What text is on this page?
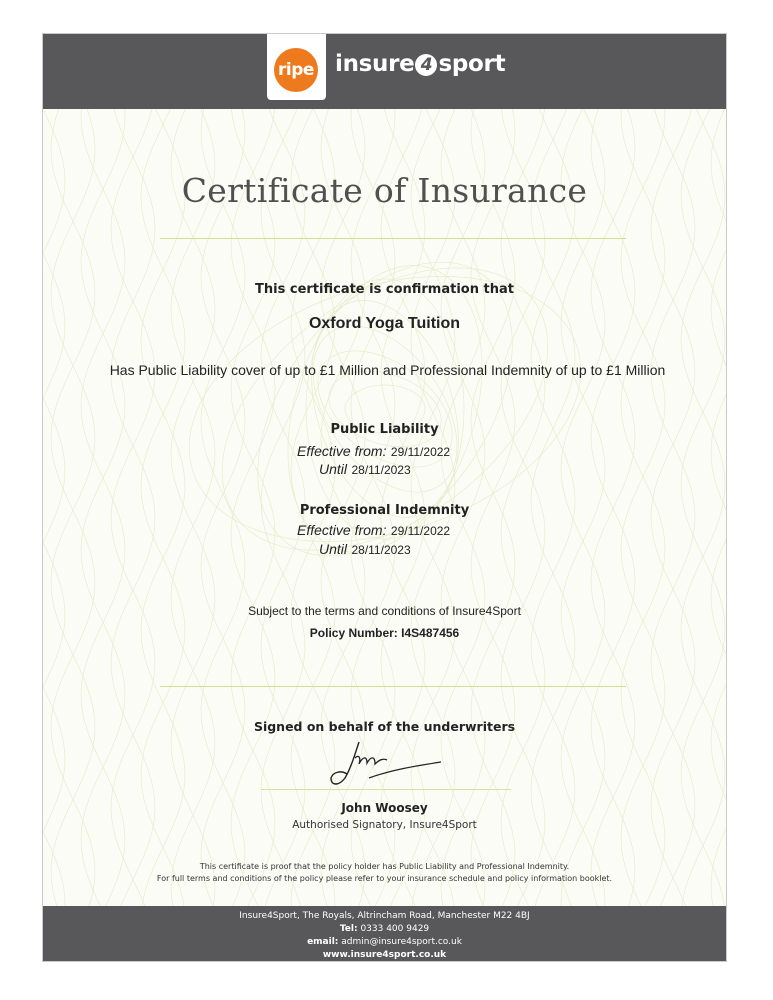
ripe insure 4 sport
Certificate of Insurance
This certificate is confirmation that
Oxford Yoga Tuition
Has Public Liability cover of up to £1 Million and Professional Indemnity of up to £1 Million
Public Liability
Effective from: 29/11/2022
Until 28/11/2023
Professional Indemnity
Effective from: 29/11/2022
Until 28/11/2023
Subject to the terms and conditions of Insure4Sport
Policy Number: I4S487456
Signed on behalf of the underwriters
John Woosey
Authorised Signatory, Insure4Sport
This certificate is proof that the policy holder has Public Liability and Professional Indemnity.
For full terms and conditions of the policy please refer to your insurance schedule and policy information booklet.
Insure4Sport, The Royals, Altrincham Road, Manchester M22 4BJ
Tel: 0333 400 9429
email: admin@insure4sport.co.uk
www.insure4sport.co.uk
